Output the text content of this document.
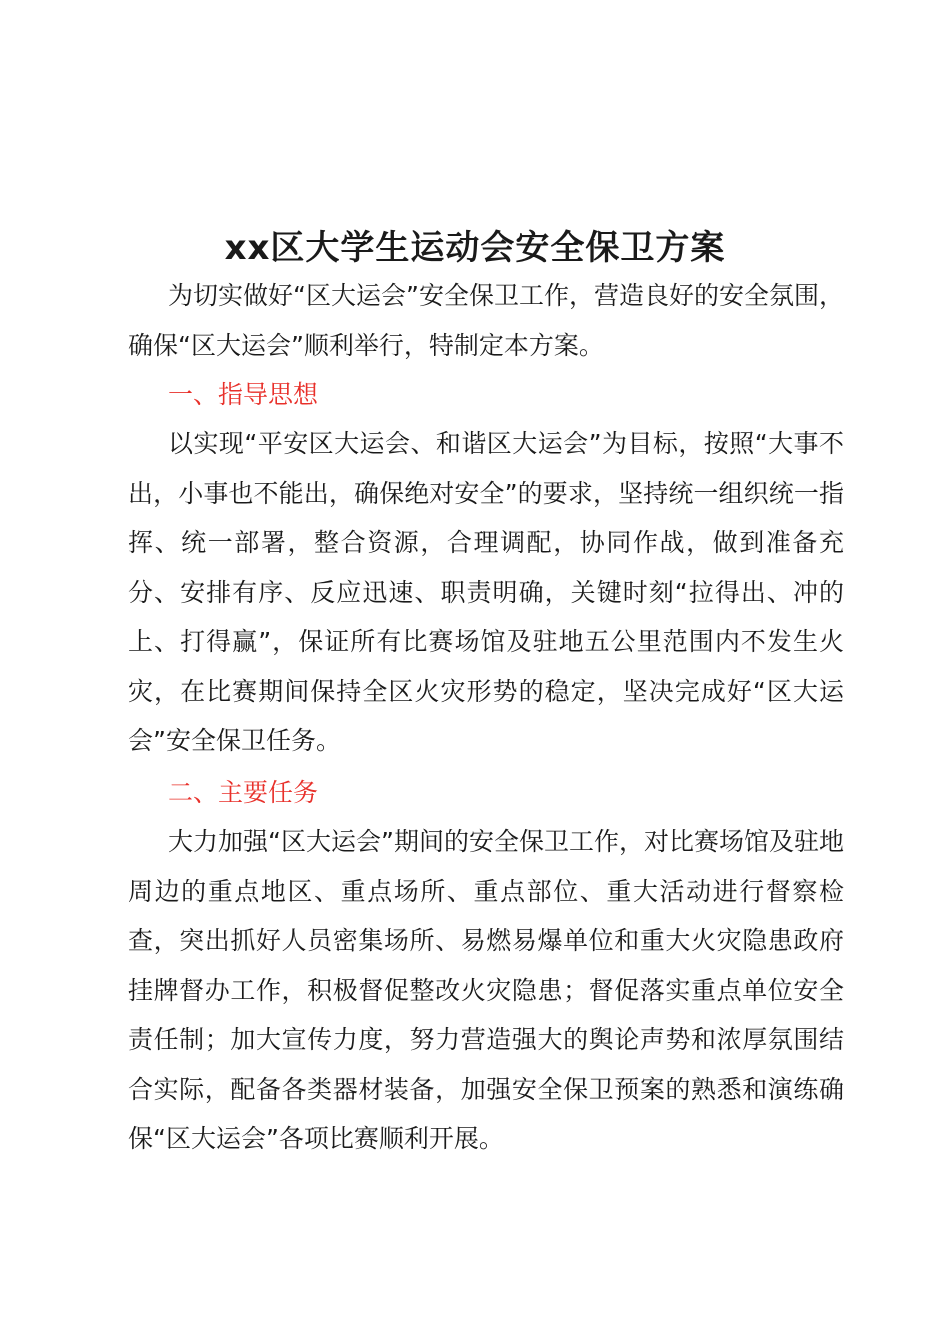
xx区大学生运动会安全保卫方案

为切实做好“区大运会”安全保卫工作，营造良好的安全氛围，确保“区大运会”顺利举行，特制定本方案。

一、指导思想

以实现“平安区大运会、和谐区大运会”为目标，按照“大事不出，小事也不能出，确保绝对安全”的要求，坚持统一组织统一指挥、统一部署，整合资源，合理调配，协同作战，做到准备充分、安排有序、反应迅速、职责明确，关键时刻“拉得出、冲的上、打得赢”，保证所有比赛场馆及驻地五公里范围内不发生火灾，在比赛期间保持全区火灾形势的稳定，坚决完成好“区大运会”安全保卫任务。

二、主要任务

大力加强“区大运会”期间的安全保卫工作，对比赛场馆及驻地周边的重点地区、重点场所、重点部位、重大活动进行督察检查，突出抓好人员密集场所、易燃易爆单位和重大火灾隐患政府挂牌督办工作，积极督促整改火灾隐患；督促落实重点单位安全责任制；加大宣传力度，努力营造强大的舆论声势和浓厚氛围结合实际，配备各类器材装备，加强安全保卫预案的熟悉和演练确保“区大运会”各项比赛顺利开展。
